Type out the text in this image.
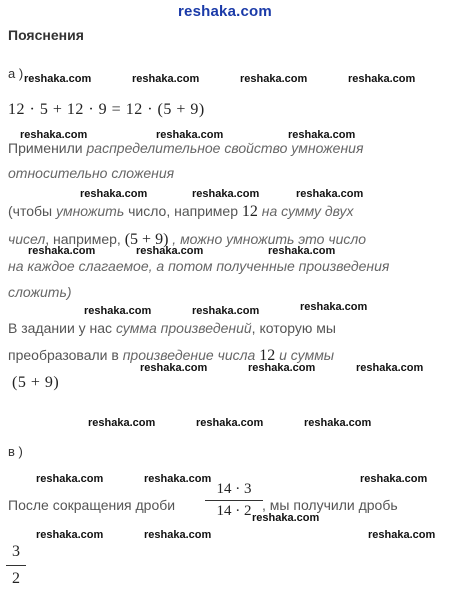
reshaka.com
Пояснения
а ) reshaka.com	reshaka.com	reshaka.com	reshaka.com
12 · 5 + 12 · 9 = 12 · (5 + 9)
reshaka.com	reshaka.com	reshaka.com
Применили распределительное свойство умножения
относительно сложения
reshaka.com	reshaka.com	reshaka.com
(чтобы умножить число, например 12 на сумму двух
чисел, например, (5 + 9) , можно умножить это число
reshaka.com	reshaka.com	reshaka.com
на каждое слагаемое, а потом полученные произведения
сложить)
reshaka.com
reshaka.com	reshaka.com
В задании у нас сумма произведений, которую мы
преобразовали в произведение числа 12 и суммы
reshaka.com	reshaka.com	reshaka.com
(5 + 9)
reshaka.com	reshaka.com	reshaka.com
в )
reshaka.com	reshaka.com	reshaka.com
После сокращения дроби
14 · 3
14 · 2 , мы получили дробь
reshaka.com
reshaka.com	reshaka.com	reshaka.com
3
2
